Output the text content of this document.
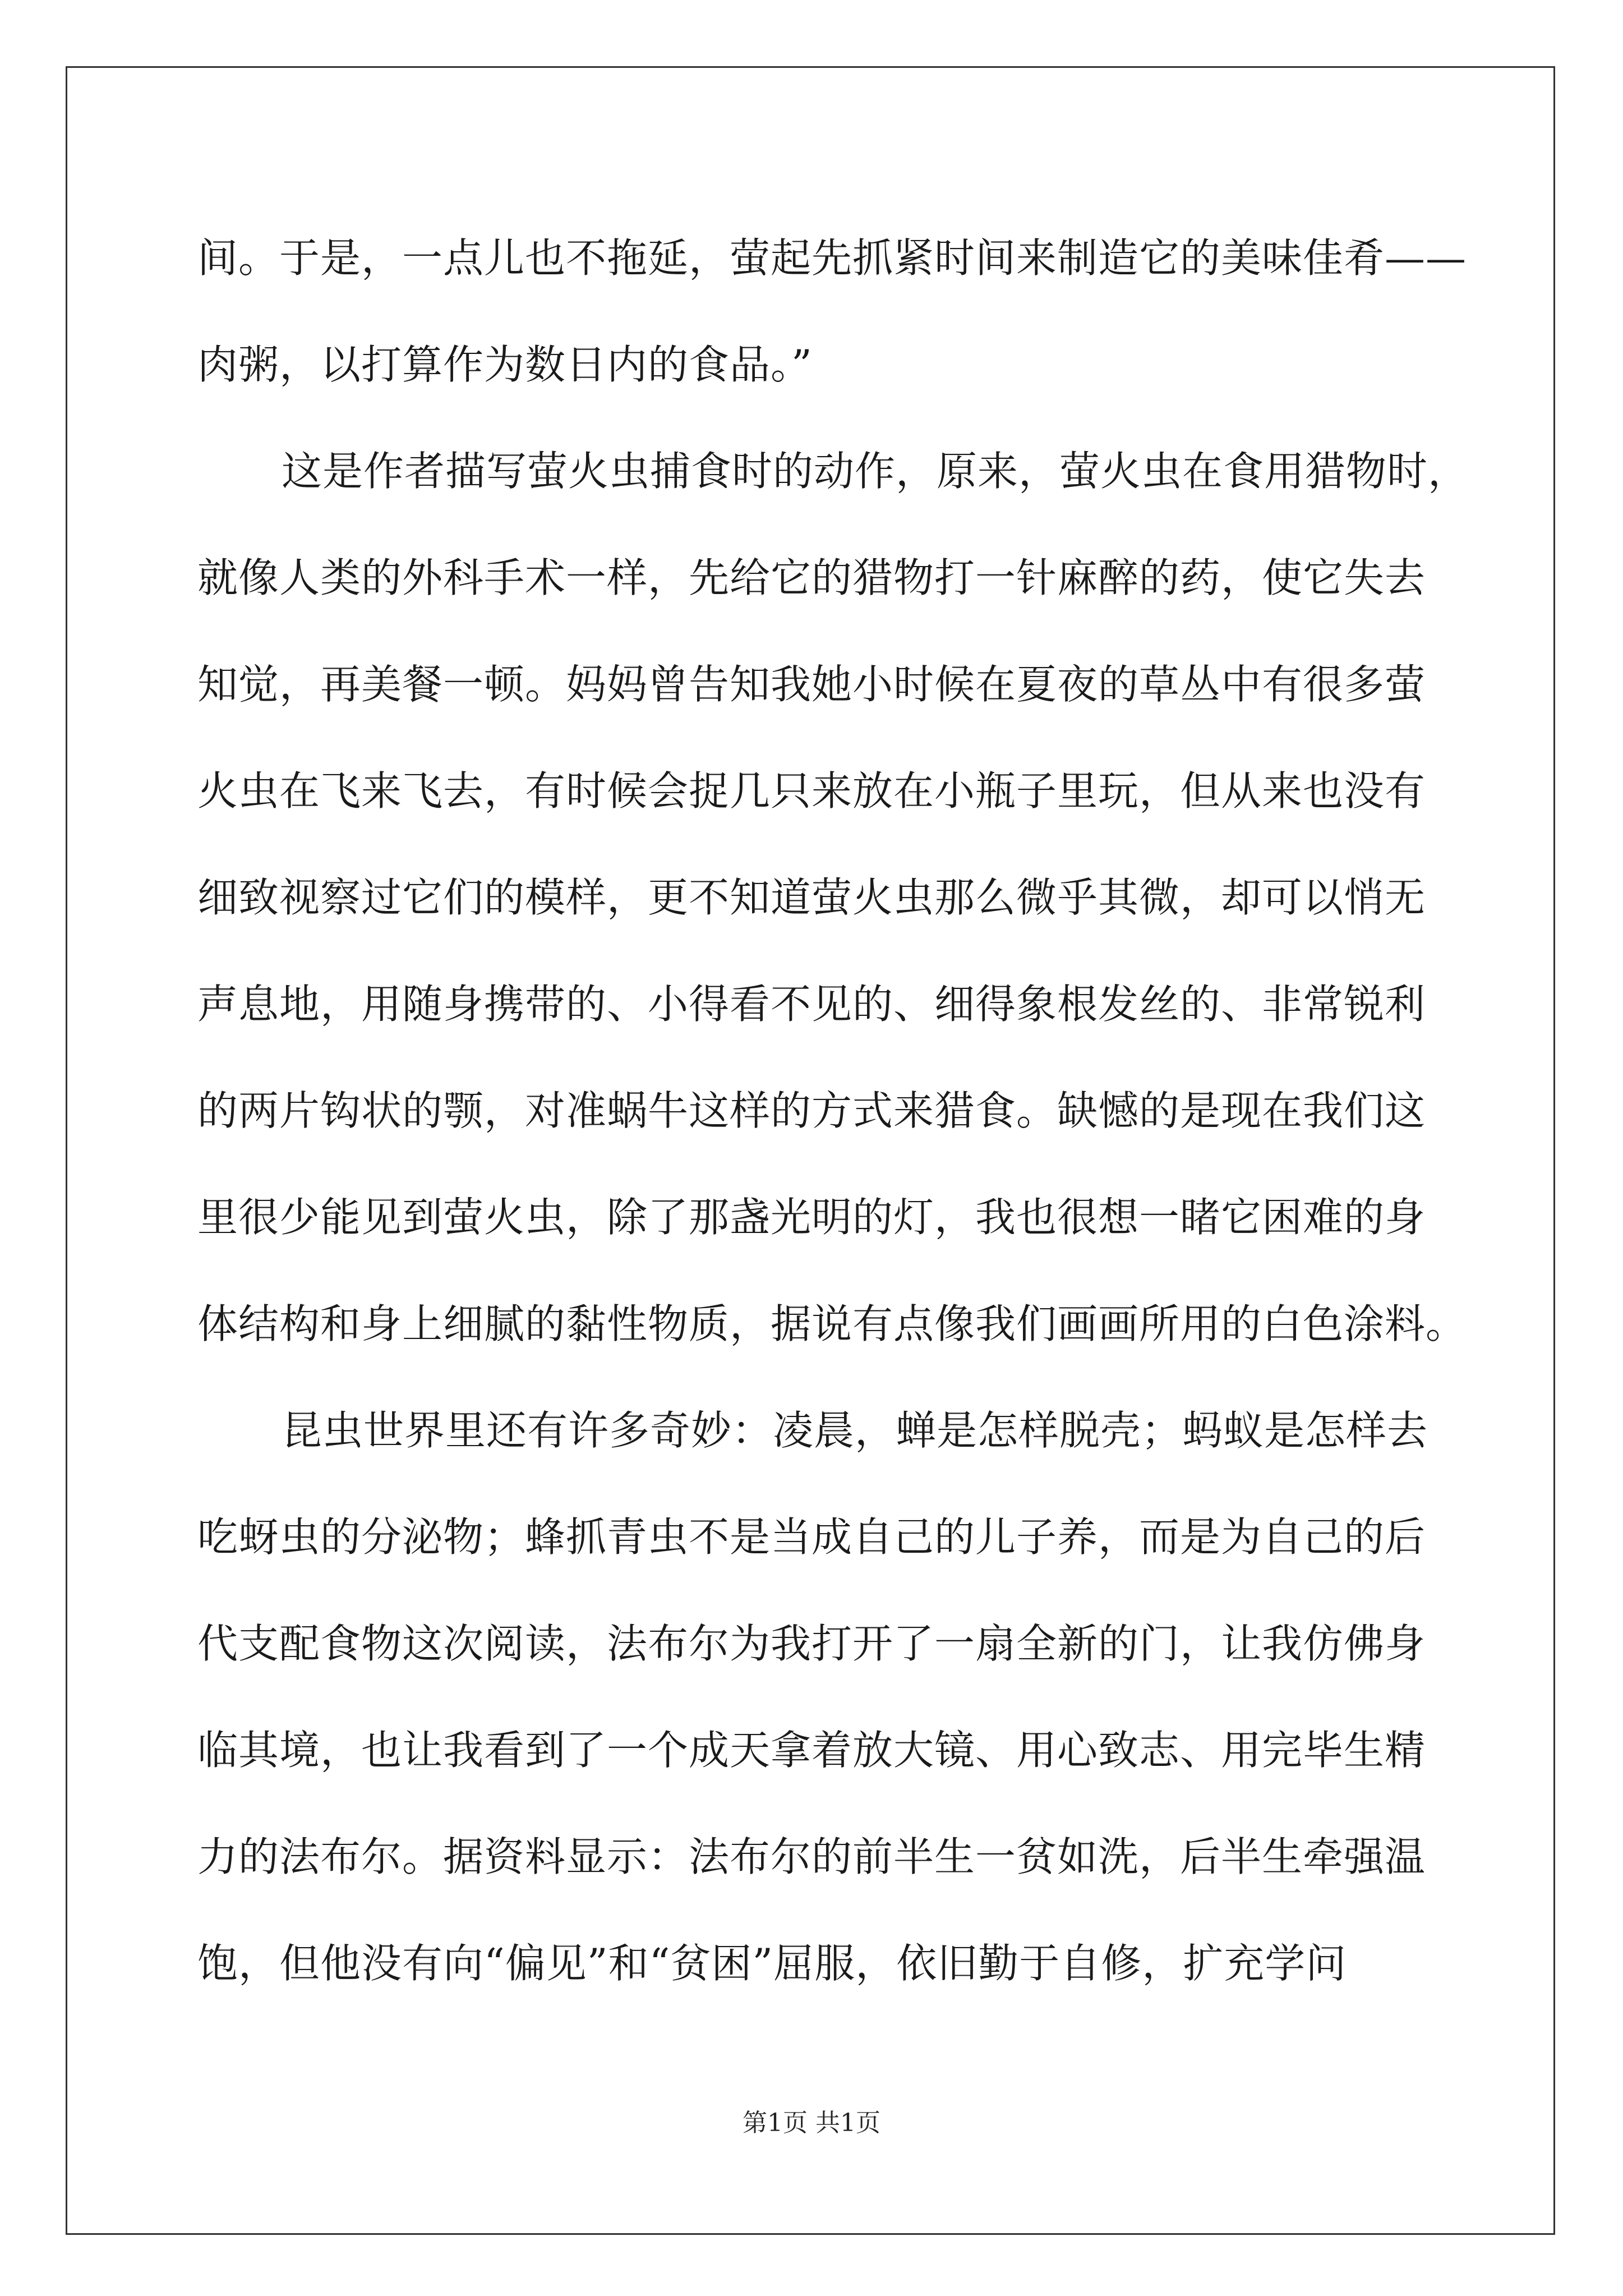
间。于是，一点儿也不拖延，萤起先抓紧时间来制造它的美味佳肴——
肉粥，以打算作为数日内的食品。”
这是作者描写萤火虫捕食时的动作，原来，萤火虫在食用猎物时，
就像人类的外科手术一样，先给它的猎物打一针麻醉的药，使它失去
知觉，再美餐一顿。妈妈曾告知我她小时候在夏夜的草丛中有很多萤
火虫在飞来飞去，有时候会捉几只来放在小瓶子里玩，但从来也没有
细致视察过它们的模样，更不知道萤火虫那么微乎其微，却可以悄无
声息地，用随身携带的、小得看不见的、细得象根发丝的、非常锐利
的两片钩状的颚，对准蜗牛这样的方式来猎食。缺憾的是现在我们这
里很少能见到萤火虫，除了那盏光明的灯，我也很想一睹它困难的身
体结构和身上细腻的黏性物质，据说有点像我们画画所用的白色涂料。
昆虫世界里还有许多奇妙：凌晨，蝉是怎样脱壳；蚂蚁是怎样去
吃蚜虫的分泌物；蜂抓青虫不是当成自己的儿子养，而是为自己的后
代支配食物这次阅读，法布尔为我打开了一扇全新的门，让我仿佛身
临其境，也让我看到了一个成天拿着放大镜、用心致志、用完毕生精
力的法布尔。据资料显示：法布尔的前半生一贫如洗，后半生牵强温
饱，但他没有向“偏见”和“贫困”屈服，依旧勤于自修，扩充学问
第1页 共1页
